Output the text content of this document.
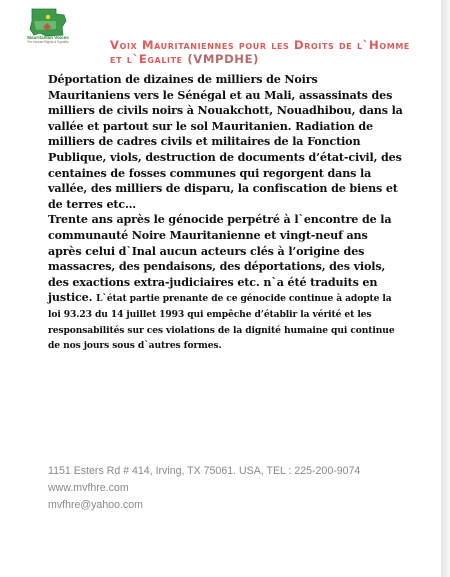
Mauritanian Voices
For Human Rights & Equality	Voix Mauritaniennes pour les Droits de l`Homme et l`Egalite (VMPDHE)

Déportation de dizaines de milliers de Noirs Mauritaniens vers le Sénégal et au Mali, assassinats des milliers de civils noirs à Nouakchott, Nouadhibou, dans la vallée et partout sur le sol Mauritanien. Radiation de milliers de cadres civils et militaires de la Fonction Publique, viols, destruction de documents d’état-civil, des centaines de fosses communes qui regorgent dans la vallée, des milliers de disparu, la confiscation de biens et de terres etc…

Trente ans après le génocide perpétré à l`encontre de la communauté Noire Mauritanienne et vingt-neuf ans après celui d`Inal aucun acteurs clés à l’origine des massacres, des pendaisons, des déportations, des viols, des exactions extra-judiciaires etc. n`a été traduits en justice. L`état partie prenante de ce génocide continue à adopte la loi 93.23 du 14 juillet 1993 qui empêche d’établir la vérité et les responsabilités sur ces violations de la dignité humaine qui continue de nos jours sous d`autres formes.

1151 Esters Rd # 414, Irving, TX 75061. USA, TEL : 225-200-9074
www.mvfhre.com
mvfhre@yahoo.com
